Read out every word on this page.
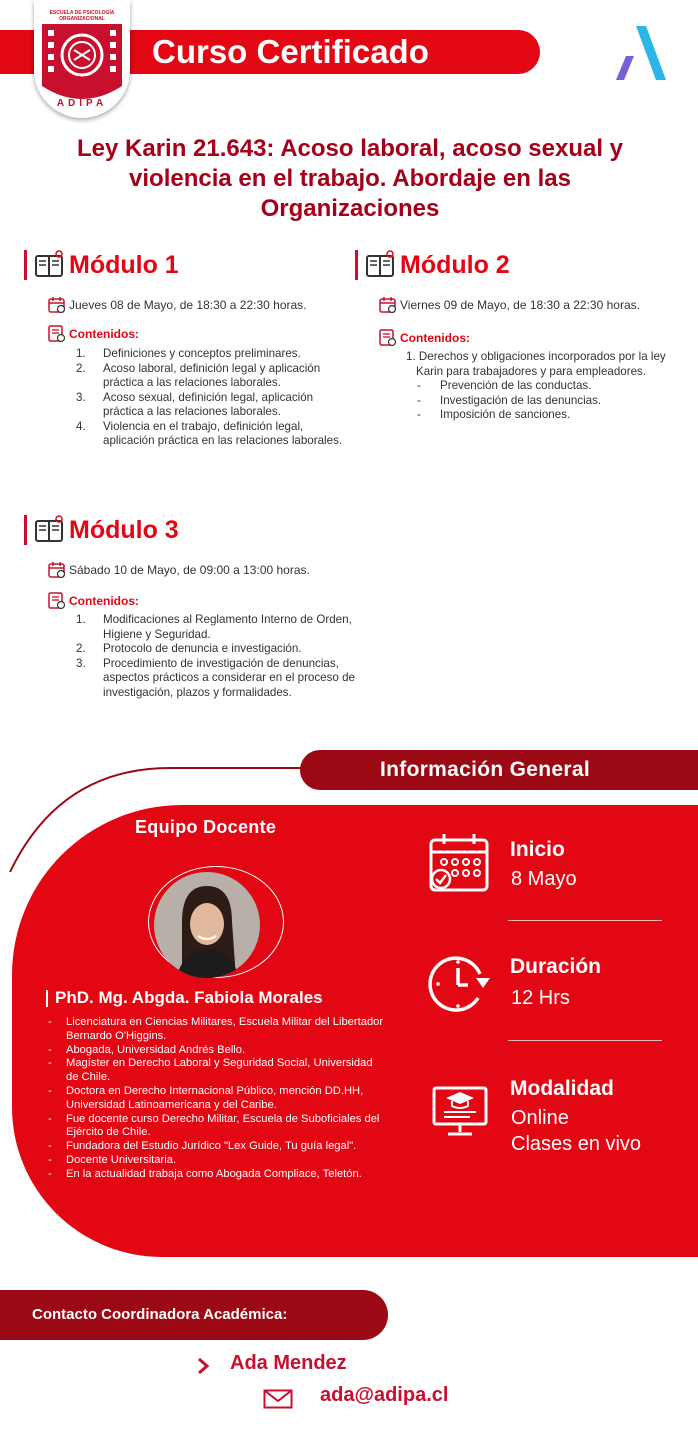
Curso Certificado
ESCUELA DE PSICOLOGÍA
ORGANIZACIONAL
ADIPA
Ley Karin 21.643: Acoso laboral, acoso sexual y violencia en el trabajo. Abordaje en las Organizaciones
Módulo 1
Jueves 08 de Mayo, de 18:30 a 22:30 horas.
Contenidos:
1. Definiciones y conceptos preliminares.
2. Acoso laboral, definición legal y aplicación práctica a las relaciones laborales.
3. Acoso sexual, definición legal, aplicación práctica a las relaciones laborales.
4. Violencia en el trabajo, definición legal, aplicación práctica en las relaciones laborales.
Módulo 2
Viernes 09 de Mayo, de 18:30 a 22:30 horas.
Contenidos:
1. Derechos y obligaciones incorporados por la ley Karin para trabajadores y para empleadores.
- Prevención de las conductas.
- Investigación de las denuncias.
- Imposición de sanciones.
Módulo 3
Sábado 10 de Mayo, de 09:00 a 13:00 horas.
Contenidos:
1. Modificaciones al Reglamento Interno de Orden, Higiene y Seguridad.
2. Protocolo de denuncia e investigación.
3. Procedimiento de investigación de denuncias, aspectos prácticos a considerar en el proceso de investigación, plazos y formalidades.
Información General
Equipo Docente
PhD. Mg. Abgda. Fabiola Morales
- Licenciatura en Ciencias Militares, Escuela Militar del Libertador Bernardo O'Higgins.
- Abogada, Universidad Andrés Bello.
- Magíster en Derecho Laboral y Seguridad Social, Universidad de Chile.
- Doctora en Derecho Internacional Público, mención DD.HH, Universidad Latinoamericana y del Caribe.
- Fue docente curso Derecho Militar, Escuela de Suboficiales del Ejército de Chile.
- Fundadora del Estudio Jurídico "Lex Guide, Tu guía legal".
- Docente Universitaria.
- En la actualidad trabaja como Abogada Compliace, Teletón.
Inicio
8 Mayo
Duración
12 Hrs
Modalidad
Online
Clases en vivo
Contacto Coordinadora Académica:
Ada Mendez
ada@adipa.cl
